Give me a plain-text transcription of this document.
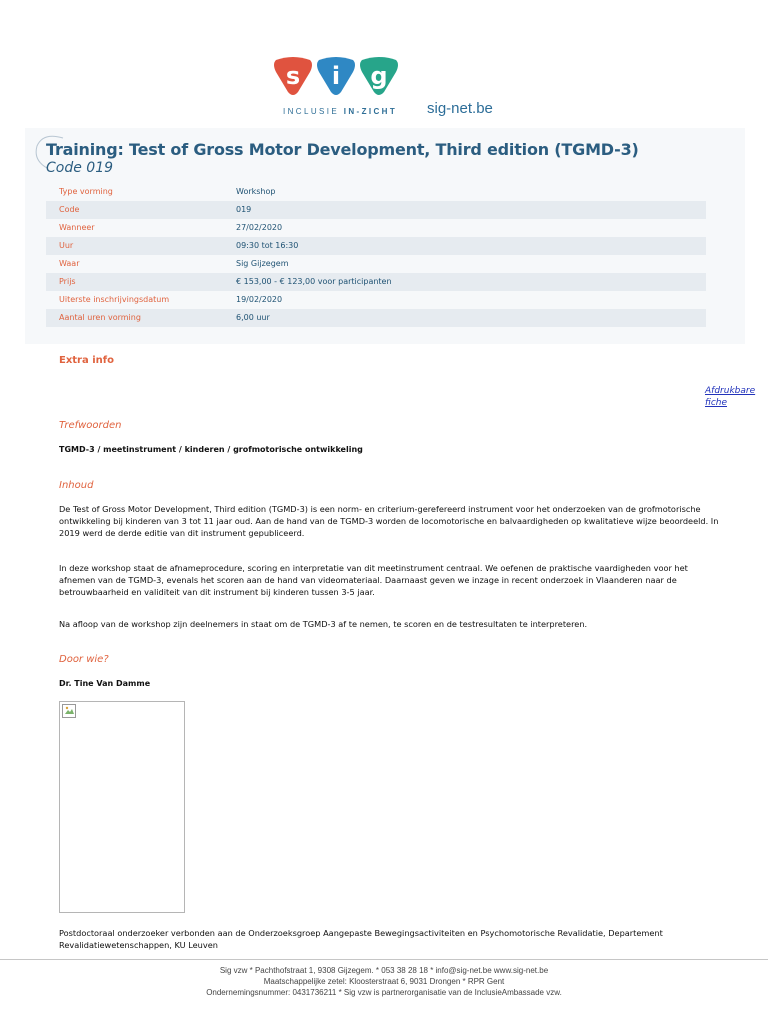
s	i	g
INCLUSIE IN-ZICHT sig-net.be
Training: Test of Gross Motor Development, Third edition (TGMD-3)
Code 019
Type vorming	Workshop
Code	019
Wanneer	27/02/2020
Uur	09:30 tot 16:30
Waar	Sig Gijzegem
Prijs	€ 153,00 - € 123,00 voor participanten
Uiterste inschrijvingsdatum	19/02/2020
Aantal uren vorming	6,00 uur
Extra info
Afdrukbare fiche
Trefwoorden
TGMD-3 / meetinstrument / kinderen / grofmotorische ontwikkeling
Inhoud
De Test of Gross Motor Development, Third edition (TGMD-3) is een norm- en criterium-gerefereerd instrument voor het onderzoeken van de grofmotorische ontwikkeling bij kinderen van 3 tot 11 jaar oud. Aan de hand van de TGMD-3 worden de locomotorische en balvaardigheden op kwalitatieve wijze beoordeeld. In 2019 werd de derde editie van dit instrument gepubliceerd.
In deze workshop staat de afnameprocedure, scoring en interpretatie van dit meetinstrument centraal. We oefenen de praktische vaardigheden voor het afnemen van de TGMD-3, evenals het scoren aan de hand van videomateriaal. Daarnaast geven we inzage in recent onderzoek in Vlaanderen naar de betrouwbaarheid en validiteit van dit instrument bij kinderen tussen 3-5 jaar.
Na afloop van de workshop zijn deelnemers in staat om de TGMD-3 af te nemen, te scoren en de testresultaten te interpreteren.
Door wie?
Dr. Tine Van Damme
Postdoctoraal onderzoeker verbonden aan de Onderzoeksgroep Aangepaste Bewegingsactiviteiten en Psychomotorische Revalidatie, Departement Revalidatiewetenschappen, KU Leuven
Sig vzw * Pachthofstraat 1, 9308 Gijzegem. * 053 38 28 18 * info@sig-net.be www.sig-net.be
Maatschappelijke zetel: Kloosterstraat 6, 9031 Drongen * RPR Gent
Ondernemingsnummer: 0431736211 * Sig vzw is partnerorganisatie van de InclusieAmbassade vzw.
